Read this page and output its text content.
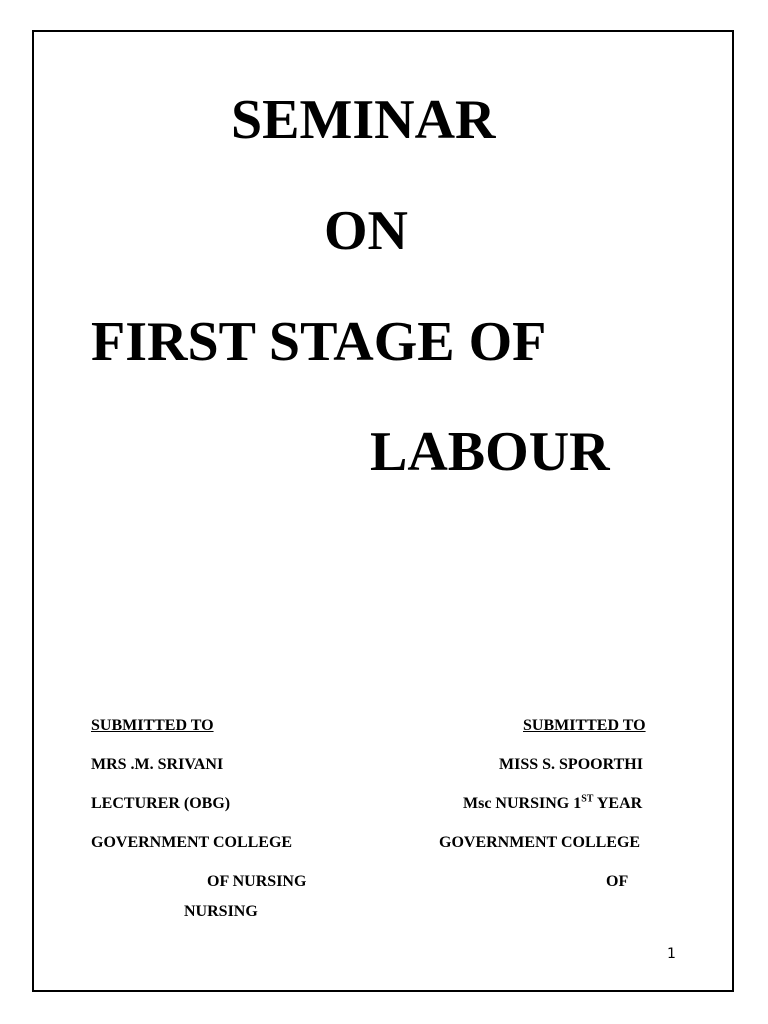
SEMINAR
ON
FIRST STAGE OF
LABOUR

SUBMITTED TO

MRS .M. SRIVANI

LECTURER (OBG)

GOVERNMENT COLLEGE

OF NURSING

SUBMITTED TO

MISS S. SPOORTHI

Msc NURSING 1ST YEAR

GOVERNMENT COLLEGE

OF

NURSING

1
